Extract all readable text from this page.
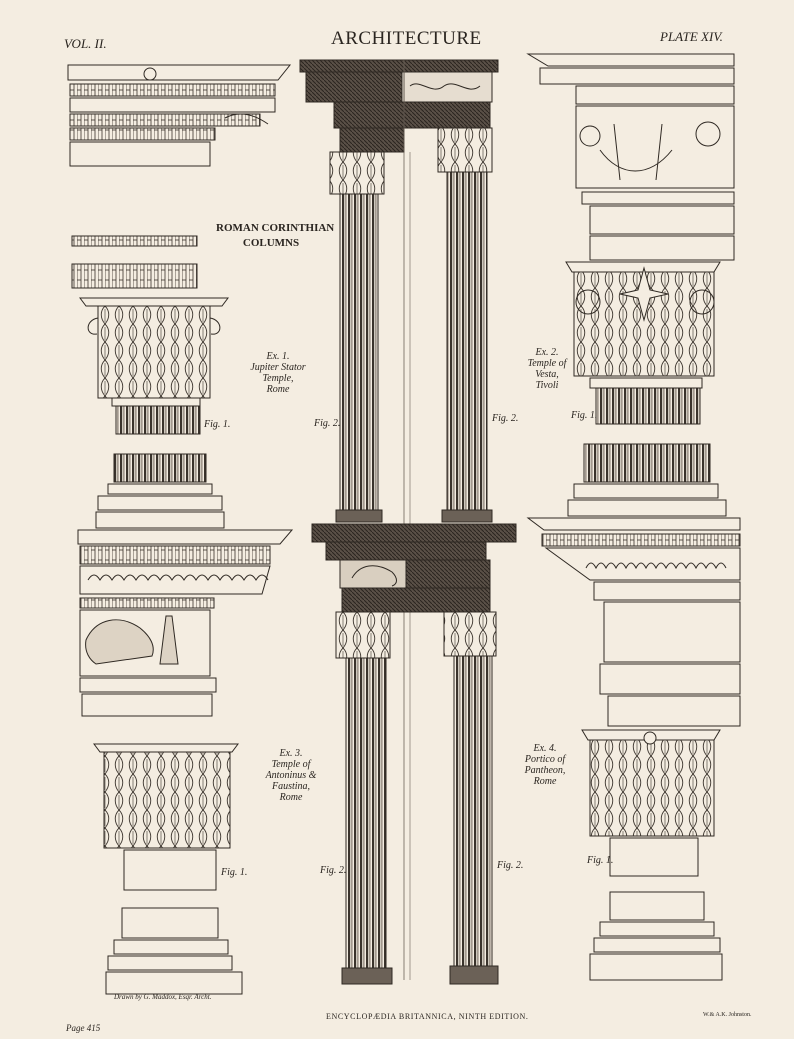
VOL. II.	ARCHITECTURE	PLATE XIV.
ROMAN CORINTHIAN
COLUMNS
Ex. 1.
Jupiter Stator
Temple,
Rome
Ex. 2.
Temple of
Vesta,
Tivoli
Ex. 3.
Temple of
Antoninus &
Faustina,
Rome
Ex. 4.
Portico of
Pantheon,
Rome
Fig. 1.
Fig. 1.
Fig. 1.
Fig. 1.
Fig. 2.	Fig. 2.
Fig. 2.	Fig. 2.
Drawn by G. Maddox, Esqr. Archt.
ENCYCLOPÆDIA BRITANNICA, NINTH EDITION.	W.& A.K. Johnston.
Page 415
